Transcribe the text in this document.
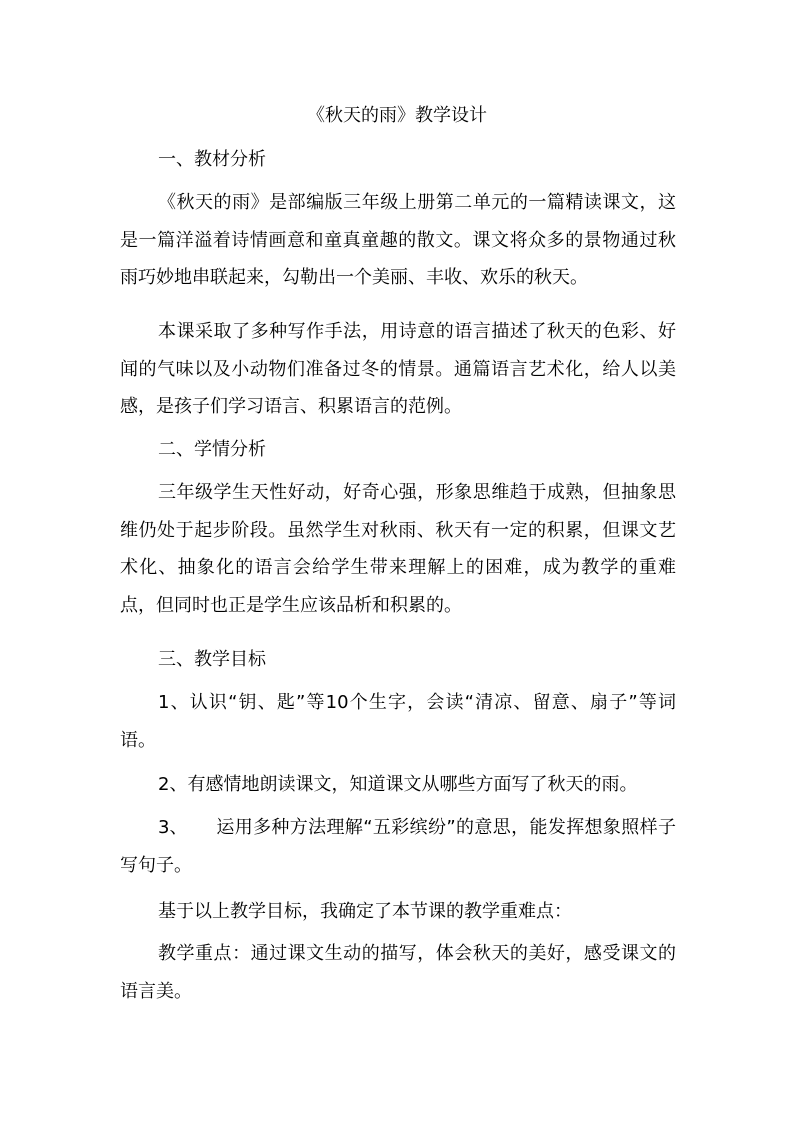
《秋天的雨》教学设计
一、教材分析
《秋天的雨》是部编版三年级上册第二单元的一篇精读课文，这是一篇洋溢着诗情画意和童真童趣的散文。课文将众多的景物通过秋雨巧妙地串联起来，勾勒出一个美丽、丰收、欢乐的秋天。
本课采取了多种写作手法，用诗意的语言描述了秋天的色彩、好闻的气味以及小动物们准备过冬的情景。通篇语言艺术化，给人以美感，是孩子们学习语言、积累语言的范例。
二、学情分析
三年级学生天性好动，好奇心强，形象思维趋于成熟，但抽象思维仍处于起步阶段。虽然学生对秋雨、秋天有一定的积累，但课文艺术化、抽象化的语言会给学生带来理解上的困难，成为教学的重难点，但同时也正是学生应该品析和积累的。
三、教学目标
1、认识“钥、匙”等10个生字，会读“清凉、留意、扇子”等词语。
2、有感情地朗读课文，知道课文从哪些方面写了秋天的雨。
3、 运用多种方法理解“五彩缤纷”的意思，能发挥想象照样子写句子。
基于以上教学目标，我确定了本节课的教学重难点：
教学重点：通过课文生动的描写，体会秋天的美好，感受课文的语言美。
